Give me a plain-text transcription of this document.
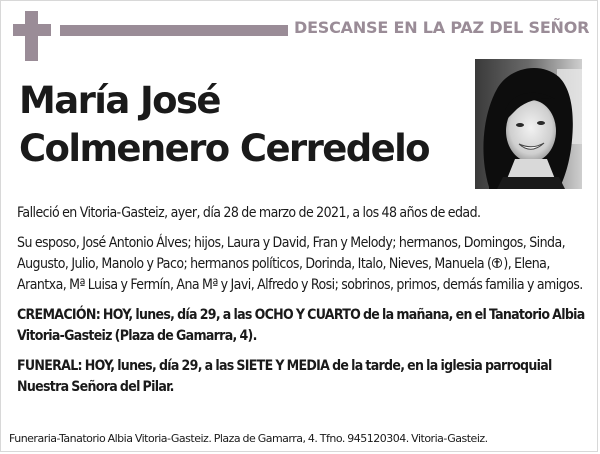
DESCANSE EN LA PAZ DEL SEÑOR
María José
Colmenero Cerredelo

Falleció en Vitoria-Gasteiz, ayer, día 28 de marzo de 2021, a los 48 años de edad.

Su esposo, José Antonio Álves; hijos, Laura y David, Fran y Melody; hermanos, Domingos, Sinda, Augusto, Julio, Manolo y Paco; hermanos políticos, Dorinda, Italo, Nieves, Manuela ( ), Elena, Arantxa, Mª Luisa y Fermín, Ana Mª y Javi, Alfredo y Rosi; sobrinos, primos, demás familia y amigos.

CREMACIÓN: HOY, lunes, día 29, a las OCHO Y CUARTO de la mañana, en el Tanatorio Albia Vitoria-Gasteiz (Plaza de Gamarra, 4).

FUNERAL: HOY, lunes, día 29, a las SIETE Y MEDIA de la tarde, en la iglesia parroquial Nuestra Señora del Pilar.

Funeraria-Tanatorio Albia Vitoria-Gasteiz. Plaza de Gamarra, 4. Tfno. 945120304. Vitoria-Gasteiz.
